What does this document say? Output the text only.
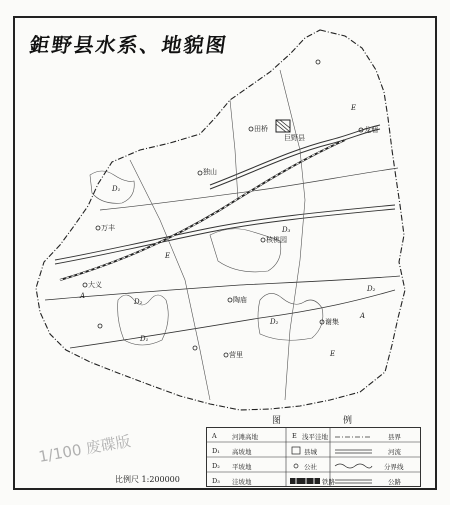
鉅野县水系、地貌图
D₁
E
D₃
D₂
D₂
D₁
E
E
A
A
D₂
巨野县
田桥	龙堌
独山
万丰
核桃园
大义
陶庙
营里
谢集
图	例
A 河滩高地	E 浅平洼地	县界
D₁ 高坡地	县城	河流
D₂ 平坡地	公社	分界线
D₃ 洼坡地	铁路	公路
比例尺 1:200000
1/100 废碟版
